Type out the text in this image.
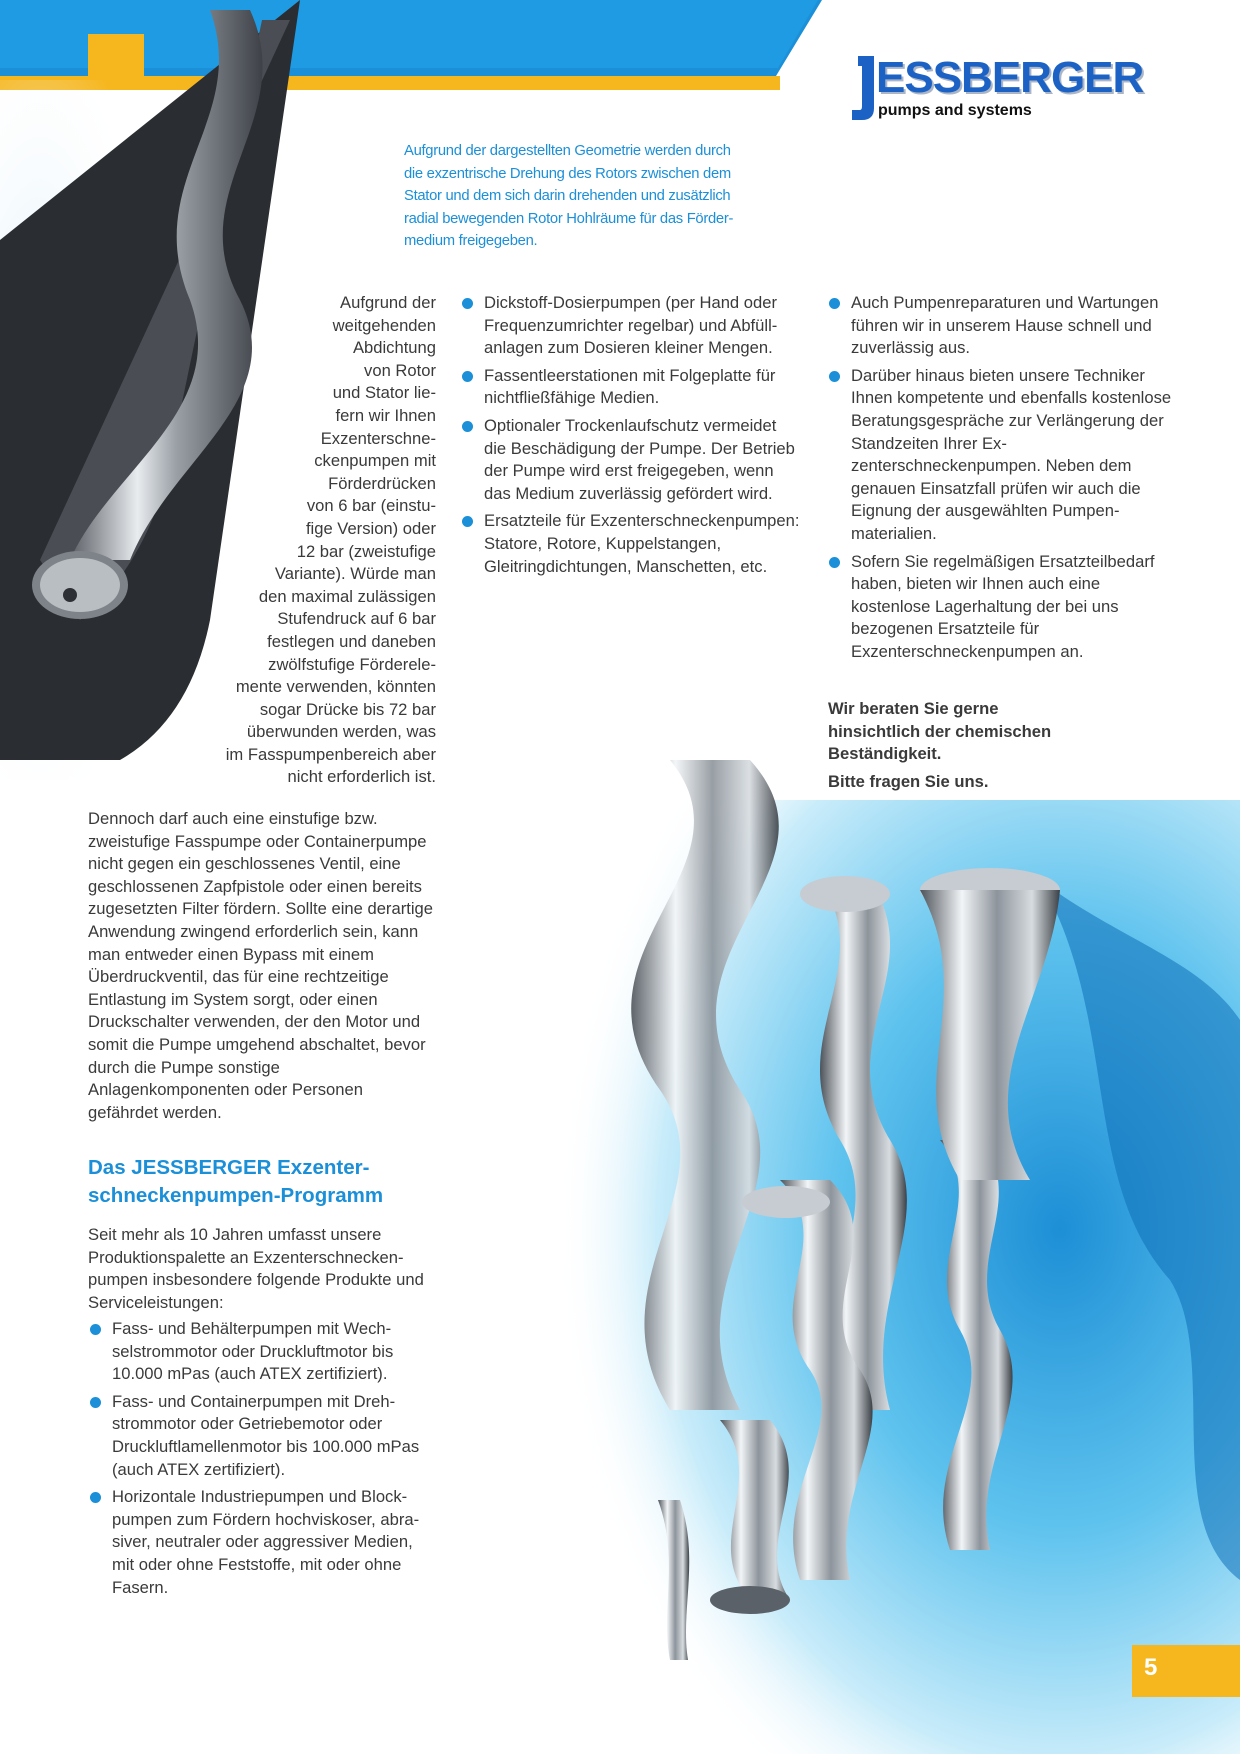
ESSBERGER
pumps and systems
Aufgrund der dargestellten Geometrie werden durch die exzentrische Drehung des Rotors zwischen dem Stator und dem sich darin drehenden und zusätzlich radial bewegenden Rotor Hohlräume für das Fördermedium freigegeben.

Aufgrund der

weitgehenden

Abdichtung

von Rotor

und Stator lie-

fern wir Ihnen

Exzenterschne-

ckenpumpen mit

Förderdrücken

von 6 bar (einstu-

fige Version) oder

12 bar (zweistufige

Variante). Würde man

den maximal zulässigen

Stufendruck auf 6 bar

festlegen und daneben

zwölfstufige Förderele-

mente verwenden, könnten

sogar Drücke bis 72 bar

überwunden werden, was

im Fasspumpenbereich aber

nicht erforderlich ist.

Dennoch darf auch eine einstufige bzw. zweistufige Fasspumpe oder Containerpumpe nicht gegen ein geschlossenes Ventil, eine geschlossenen Zapfpistole oder einen bereits zugesetzten Filter fördern. Sollte eine derartige Anwendung zwingend erforderlich sein, kann man entweder einen Bypass mit einem Überdruckventil, das für eine rechtzeitige Entlastung im System sorgt, oder einen Druckschalter verwenden, der den Motor und somit die Pumpe umgehend abschaltet, bevor durch die Pumpe sonstige Anlagenkomponenten oder Personen gefährdet werden.
Das JESSBERGER Exzenterschneckenpumpen-Programm
Seit mehr als 10 Jahren umfasst unsere Produktionspalette an Exzenterschneckenpumpen insbesondere folgende Produkte und Serviceleistungen:
Fass- und Behälterpumpen mit Wechselstrommotor oder Druckluftmotor bis 10.000 mPas (auch ATEX zertifiziert).
Fass- und Containerpumpen mit Drehstrommotor oder Getriebemotor oder Druckluftlamellenmotor bis 100.000 mPas (auch ATEX zertifiziert).
Horizontale Industriepumpen und Blockpumpen zum Fördern hochviskoser, abrasiver, neutraler oder aggressiver Medien, mit oder ohne Feststoffe, mit oder ohne Fasern.
Dickstoff-Dosierpumpen (per Hand oder Frequenzumrichter regelbar) und Abfüllanlagen zum Dosieren kleiner Mengen.
Fassentleerstationen mit Folgeplatte für nichtfließfähige Medien.
Optionaler Trockenlaufschutz vermeidet die Beschädigung der Pumpe. Der Betrieb der Pumpe wird erst freigegeben, wenn das Medium zuverlässig gefördert wird.
Ersatzteile für Exzenterschneckenpumpen: Statore, Rotore, Kuppelstangen, Gleitringdichtungen, Manschetten, etc.
Auch Pumpenreparaturen und Wartungen führen wir in unserem Hause schnell und zuverlässig aus.
Darüber hinaus bieten unsere Techniker Ihnen kompetente und ebenfalls kostenlose Beratungsgespräche zur Verlängerung der Standzeiten Ihrer Exzenterschneckenpumpen. Neben dem genauen Einsatzfall prüfen wir auch die Eignung der ausgewählten Pumpenmaterialien.
Sofern Sie regelmäßigen Ersatzteilbedarf haben, bieten wir Ihnen auch eine kostenlose Lagerhaltung der bei uns bezogenen Ersatzteile für Exzenterschneckenpumpen an.
Wir beraten Sie gerne hinsichtlich der chemischen Beständigkeit.
Bitte fragen Sie uns.
5
